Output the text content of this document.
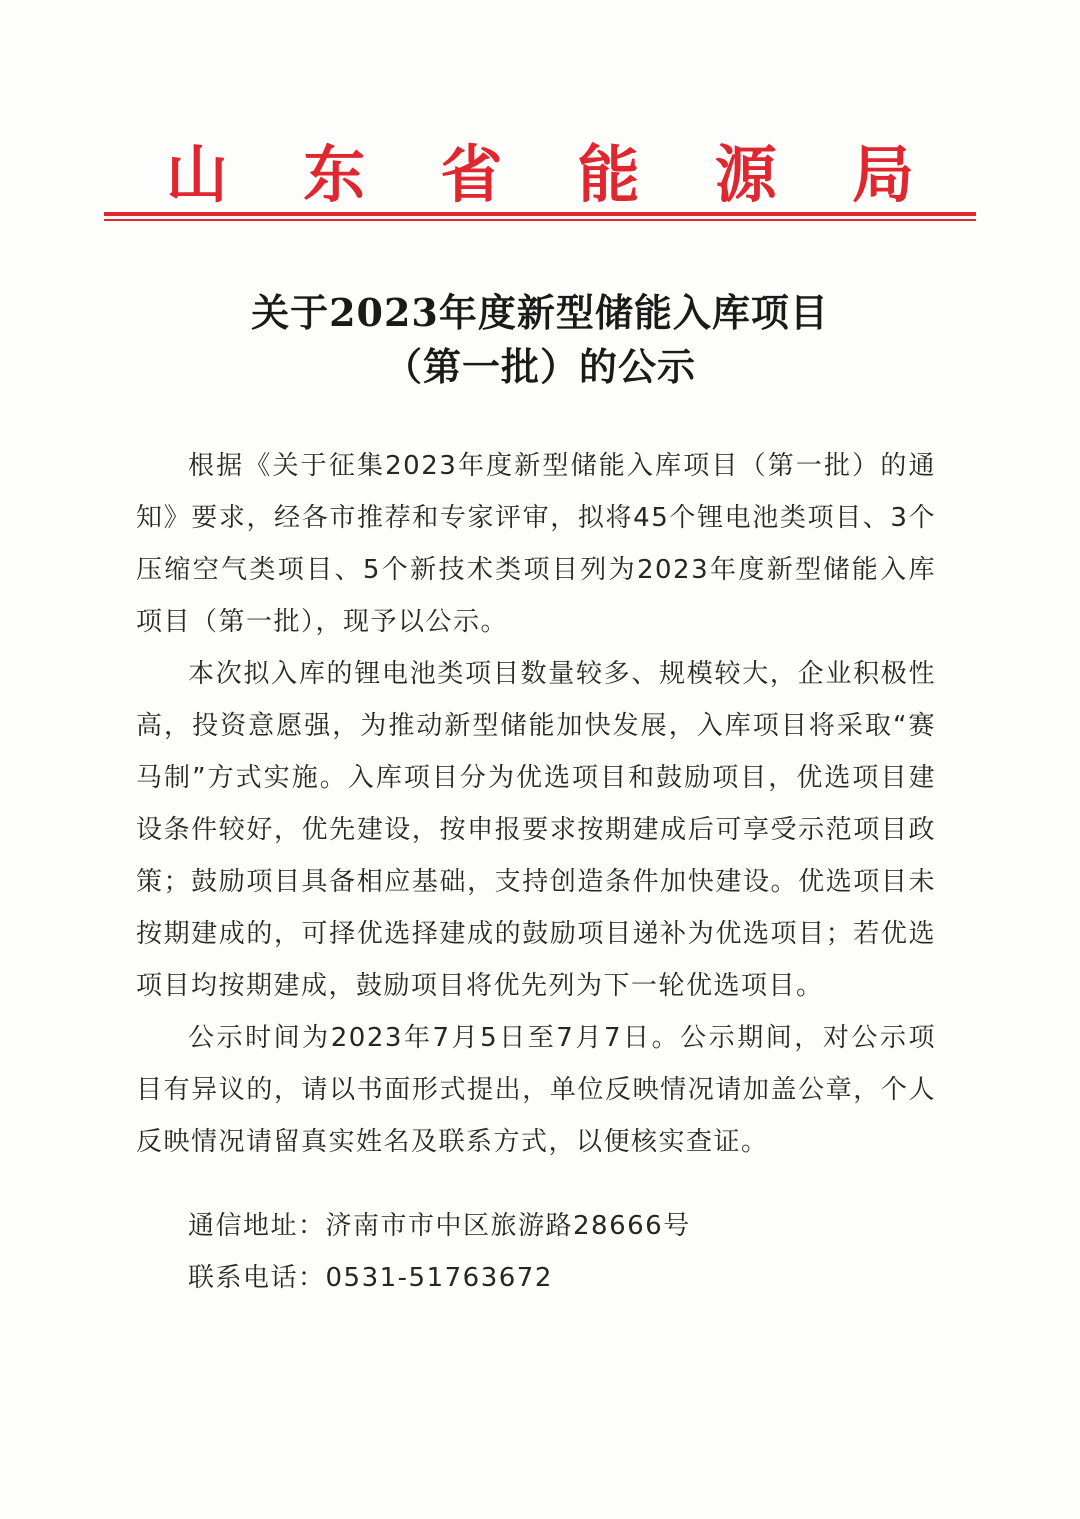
山 东 省 能 源 局
关于2023年度新型储能入库项目
（第一批）的公示

根据《关于征集2023年度新型储能入库项目（第一批）的通知》要求，经各市推荐和专家评审，拟将45个锂电池类项目、3个压缩空气类项目、5个新技术类项目列为2023年度新型储能入库项目（第一批），现予以公示。

本次拟入库的锂电池类项目数量较多、规模较大，企业积极性高，投资意愿强，为推动新型储能加快发展，入库项目将采取“赛马制”方式实施。入库项目分为优选项目和鼓励项目，优选项目建设条件较好，优先建设，按申报要求按期建成后可享受示范项目政策；鼓励项目具备相应基础，支持创造条件加快建设。优选项目未按期建成的，可择优选择建成的鼓励项目递补为优选项目；若优选项目均按期建成，鼓励项目将优先列为下一轮优选项目。

公示时间为2023年7月5日至7月7日。公示期间，对公示项目有异议的，请以书面形式提出，单位反映情况请加盖公章，个人反映情况请留真实姓名及联系方式，以便核实查证。

通信地址：济南市市中区旅游路28666号
联系电话：0531-51763672
